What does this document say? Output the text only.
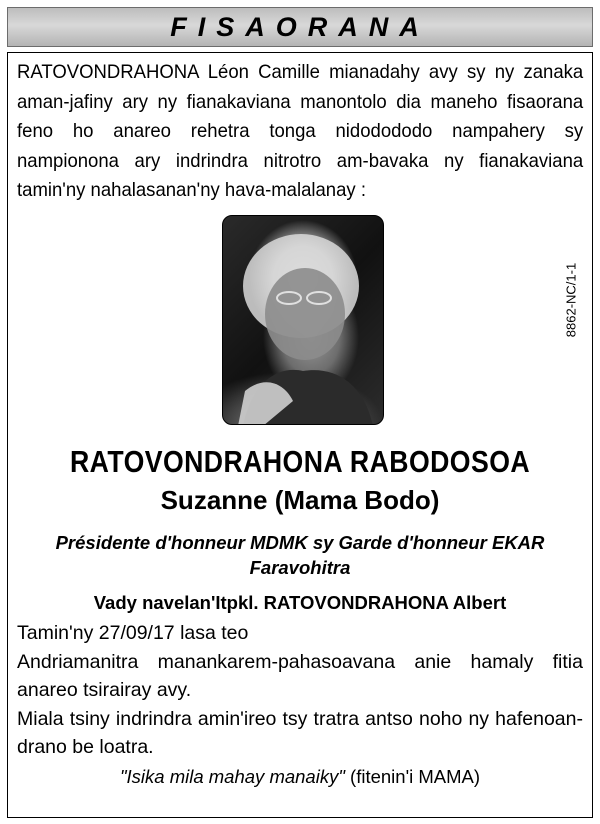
FISAORANA
RATOVONDRAHONA Léon Camille mianadahy avy sy ny zanaka aman-jafiny ary ny fianakaviana manontolo dia maneho fisaorana feno ho anareo rehetra tonga nidodododo nampahery sy nampionona ary indrindra nitrotro am-bavaka ny fianakaviana tamin'ny nahalasanan'ny hava-malalanay :
8862-NC/1-1
RATOVONDRAHONA RABODOSOA
Suzanne (Mama Bodo)
Présidente d'honneur MDMK sy Garde d'honneur EKAR
Faravohitra
Vady navelan'Itpkl. RATOVONDRAHONA Albert

Tamin'ny 27/09/17 lasa teo

Andriamanitra manankarem-pahasoavana anie hamaly fitia anareo tsirairay avy.

Miala tsiny indrindra amin'ireo tsy tratra antso noho ny hafenoan-drano be loatra.

"Isika mila mahay manaiky" (fitenin'i MAMA)
